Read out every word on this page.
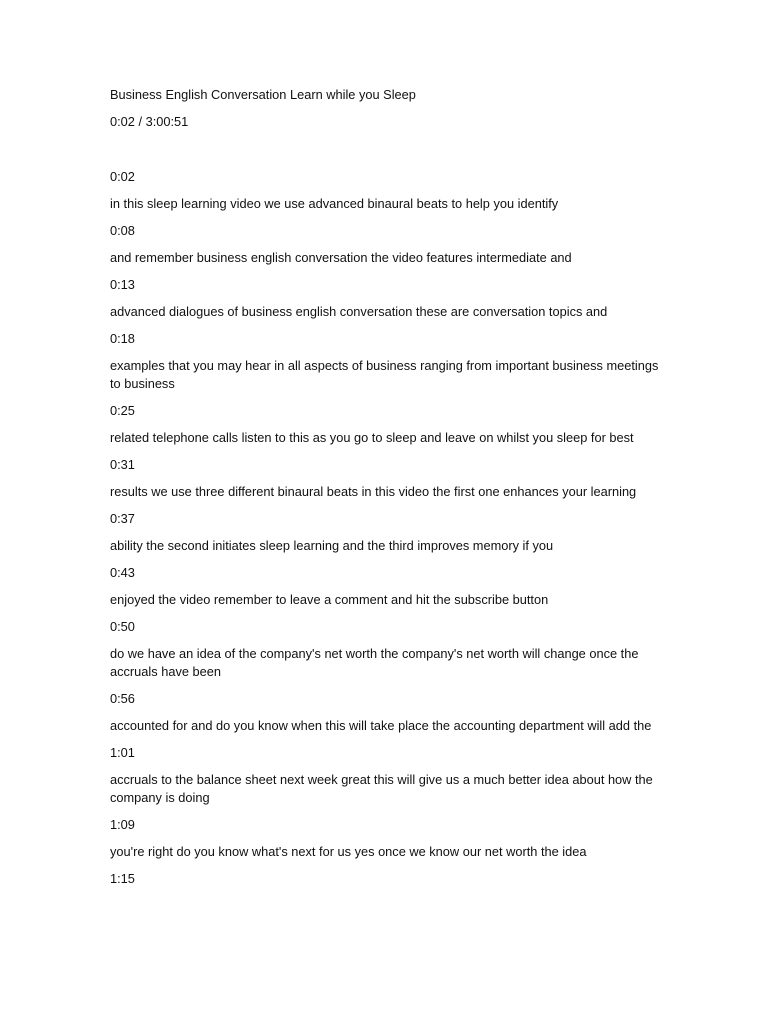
Business English Conversation Learn while you Sleep

0:02 / 3:00:51

0:02

in this sleep learning video we use advanced binaural beats to help you identify

0:08

and remember business english conversation the video features intermediate and

0:13

advanced dialogues of business english conversation these are conversation topics and

0:18

examples that you may hear in all aspects of business ranging from important business meetings to business

0:25

related telephone calls listen to this as you go to sleep and leave on whilst you sleep for best

0:31

results we use three different binaural beats in this video the first one enhances your learning

0:37

ability the second initiates sleep learning and the third improves memory if you

0:43

enjoyed the video remember to leave a comment and hit the subscribe button

0:50

do we have an idea of the company's net worth the company's net worth will change once the accruals have been

0:56

accounted for and do you know when this will take place the accounting department will add the

1:01

accruals to the balance sheet next week great this will give us a much better idea about how the company is doing

1:09

you're right do you know what's next for us yes once we know our net worth the idea

1:15
